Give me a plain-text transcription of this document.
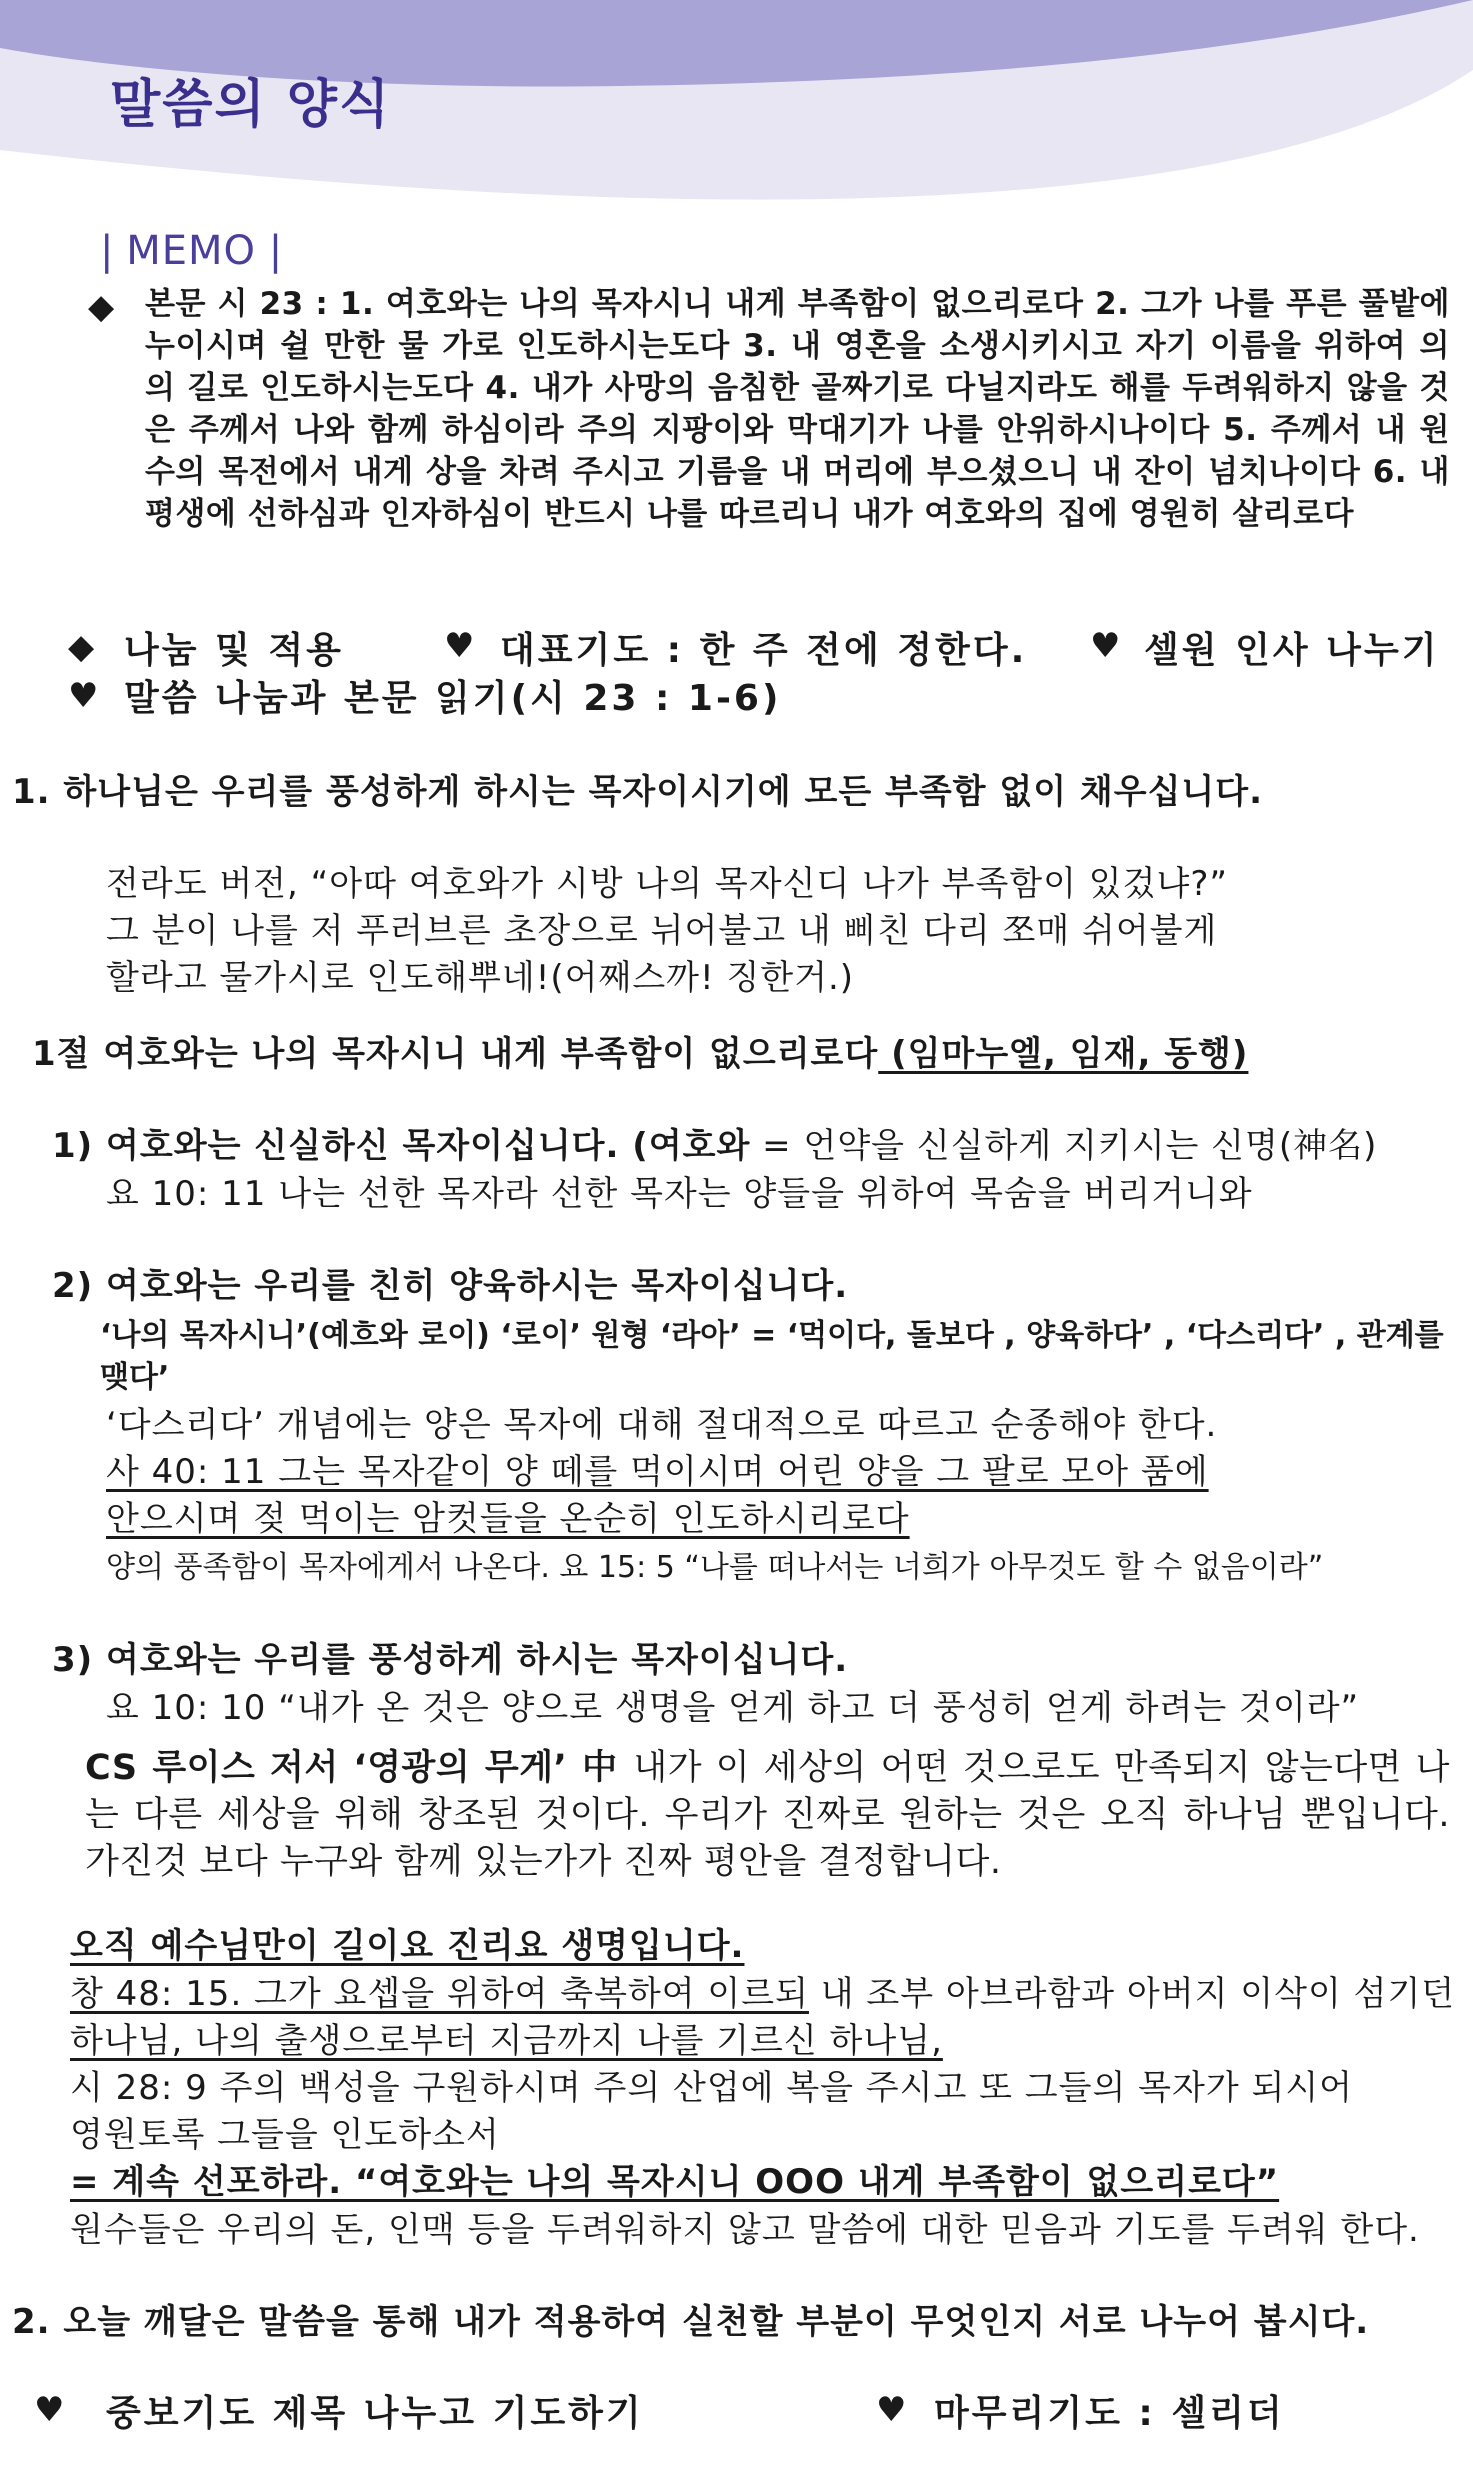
말씀의 양식
| MEMO |
◆ 본문 시 23 : 1. 여호와는 나의 목자시니 내게 부족함이 없으리로다 2. 그가 나를 푸른 풀밭에 누이시며 쉴 만한 물 가로 인도하시는도다 3. 내 영혼을 소생시키시고 자기 이름을 위하여 의의 길로 인도하시는도다 4. 내가 사망의 음침한 골짜기로 다닐지라도 해를 두려워하지 않을 것은 주께서 나와 함께 하심이라 주의 지팡이와 막대기가 나를 안위하시나이다 5. 주께서 내 원수의 목전에서 내게 상을 차려 주시고 기름을 내 머리에 부으셨으니 내 잔이 넘치나이다 6. 내 평생에 선하심과 인자하심이 반드시 나를 따르리니 내가 여호와의 집에 영원히 살리로다
◆ 나눔 및 적용	♥ 대표기도 : 한 주 전에 정한다. ♥ 셀원 인사 나누기
♥ 말씀 나눔과 본문 읽기(시 23 : 1-6)
1. 하나님은 우리를 풍성하게 하시는 목자이시기에 모든 부족함 없이 채우십니다.
전라도 버전, “아따 여호와가 시방 나의 목자신디 나가 부족함이 있겄냐?”
그 분이 나를 저 푸러브른 초장으로 뉘어불고 내 삐친 다리 쪼매 쉬어불게
할라고 물가시로 인도해뿌네!(어째스까! 징한거.)
1절 여호와는 나의 목자시니 내게 부족함이 없으리로다 (임마누엘, 임재, 동행)
1) 여호와는 신실하신 목자이십니다. (여호와 = 언약을 신실하게 지키시는 신명(神名)
요 10: 11 나는 선한 목자라 선한 목자는 양들을 위하여 목숨을 버리거니와
2) 여호와는 우리를 친히 양육하시는 목자이십니다.
‘나의 목자시니’(예흐와 로이) ‘로이’ 원형 ‘라아’ = ‘먹이다, 돌보다 , 양육하다’ , ‘다스리다’ , 관계를
맺다’
‘다스리다’ 개념에는 양은 목자에 대해 절대적으로 따르고 순종해야 한다.
사 40: 11 그는 목자같이 양 떼를 먹이시며 어린 양을 그 팔로 모아 품에
안으시며 젖 먹이는 암컷들을 온순히 인도하시리로다
양의 풍족함이 목자에게서 나온다. 요 15: 5 “나를 떠나서는 너희가 아무것도 할 수 없음이라”
3) 여호와는 우리를 풍성하게 하시는 목자이십니다.
요 10: 10 “내가 온 것은 양으로 생명을 얻게 하고 더 풍성히 얻게 하려는 것이라”
CS 루이스 저서 ‘영광의 무게’ 中 내가 이 세상의 어떤 것으로도 만족되지 않는다면 나는 다른 세상을 위해 창조된 것이다. 우리가 진짜로 원하는 것은 오직 하나님 뿐입니다. 가진것 보다 누구와 함께 있는가가 진짜 평안을 결정합니다.
오직 예수님만이 길이요 진리요 생명입니다.
창 48: 15. 그가 요셉을 위하여 축복하여 이르되 내 조부 아브라함과 아버지 이삭이 섬기던
하나님, 나의 출생으로부터 지금까지 나를 기르신 하나님,
시 28: 9 주의 백성을 구원하시며 주의 산업에 복을 주시고 또 그들의 목자가 되시어
영원토록 그들을 인도하소서
= 계속 선포하라. “여호와는 나의 목자시니 OOO 내게 부족함이 없으리로다”
원수들은 우리의 돈, 인맥 등을 두려워하지 않고 말씀에 대한 믿음과 기도를 두려워 한다.
2. 오늘 깨달은 말씀을 통해 내가 적용하여 실천할 부분이 무엇인지 서로 나누어 봅시다.
♥ 중보기도 제목 나누고 기도하기	♥ 마무리기도 : 셀리더
